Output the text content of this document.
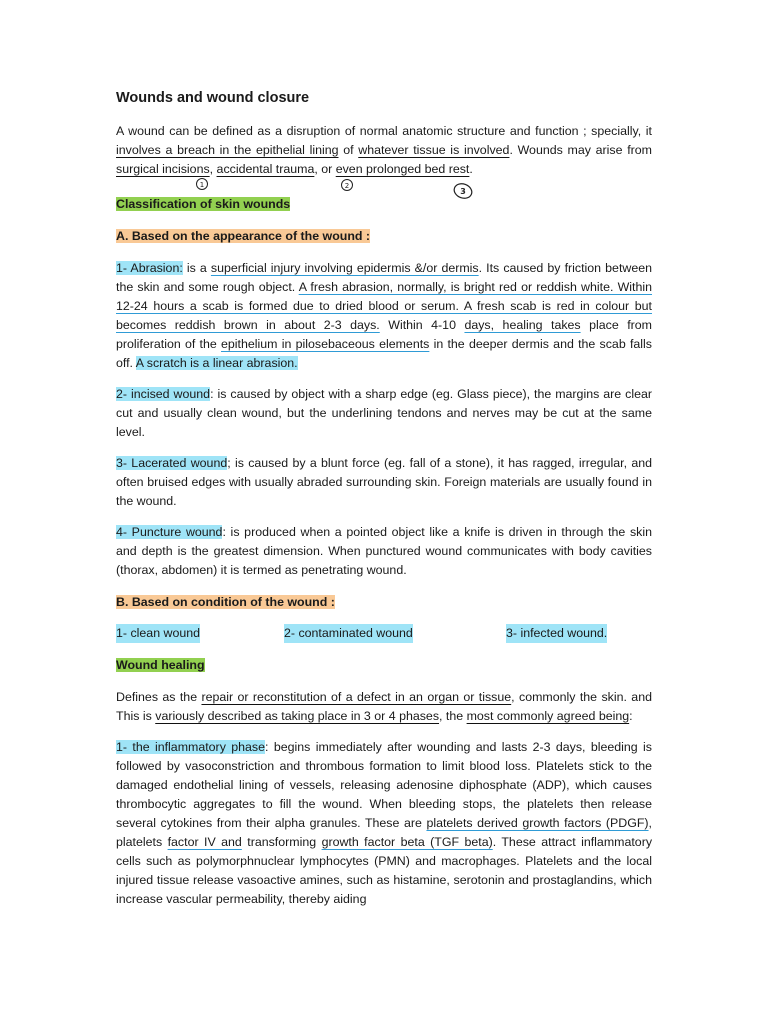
Wounds and wound closure

A wound can be defined as a disruption of normal anatomic structure and function ; specially, it involves a breach in the epithelial lining of whatever tissue is involved. Wounds may arise from surgical incisions, accidental trauma, or even prolonged bed rest.

Classification of skin wounds

A. Based on the appearance of the wound :

1- Abrasion: is a superficial injury involving epidermis &/or dermis. Its caused by friction between the skin and some rough object. A fresh abrasion, normally, is bright red or reddish white. Within 12-24 hours a scab is formed due to dried blood or serum. A fresh scab is red in colour but becomes reddish brown in about 2-3 days. Within 4-10 days, healing takes place from proliferation of the epithelium in pilosebaceous elements in the deeper dermis and the scab falls off. A scratch is a linear abrasion.

2- incised wound: is caused by object with a sharp edge (eg. Glass piece), the margins are clear cut and usually clean wound, but the underlining tendons and nerves may be cut at the same level.

3- Lacerated wound; is caused by a blunt force (eg. fall of a stone), it has ragged, irregular, and often bruised edges with usually abraded surrounding skin. Foreign materials are usually found in the wound.

4- Puncture wound: is produced when a pointed object like a knife is driven in through the skin and depth is the greatest dimension. When punctured wound communicates with body cavities (thorax, abdomen) it is termed as penetrating wound.

B. Based on condition of the wound :

1- clean wound	2- contaminated wound	3- infected wound.

Wound healing

Defines as the repair or reconstitution of a defect in an organ or tissue, commonly the skin. and This is variously described as taking place in 3 or 4 phases, the most commonly agreed being:

1- the inflammatory phase: begins immediately after wounding and lasts 2-3 days, bleeding is followed by vasoconstriction and thrombous formation to limit blood loss. Platelets stick to the damaged endothelial lining of vessels, releasing adenosine diphosphate (ADP), which causes thrombocytic aggregates to fill the wound. When bleeding stops, the platelets then release several cytokines from their alpha granules. These are platelets derived growth factors (PDGF), platelets factor IV and transforming growth factor beta (TGF beta). These attract inflammatory cells such as polymorphnuclear lymphocytes (PMN) and macrophages. Platelets and the local injured tissue release vasoactive amines, such as histamine, serotonin and prostaglandins, which increase vascular permeability, thereby aiding

1	2
3
